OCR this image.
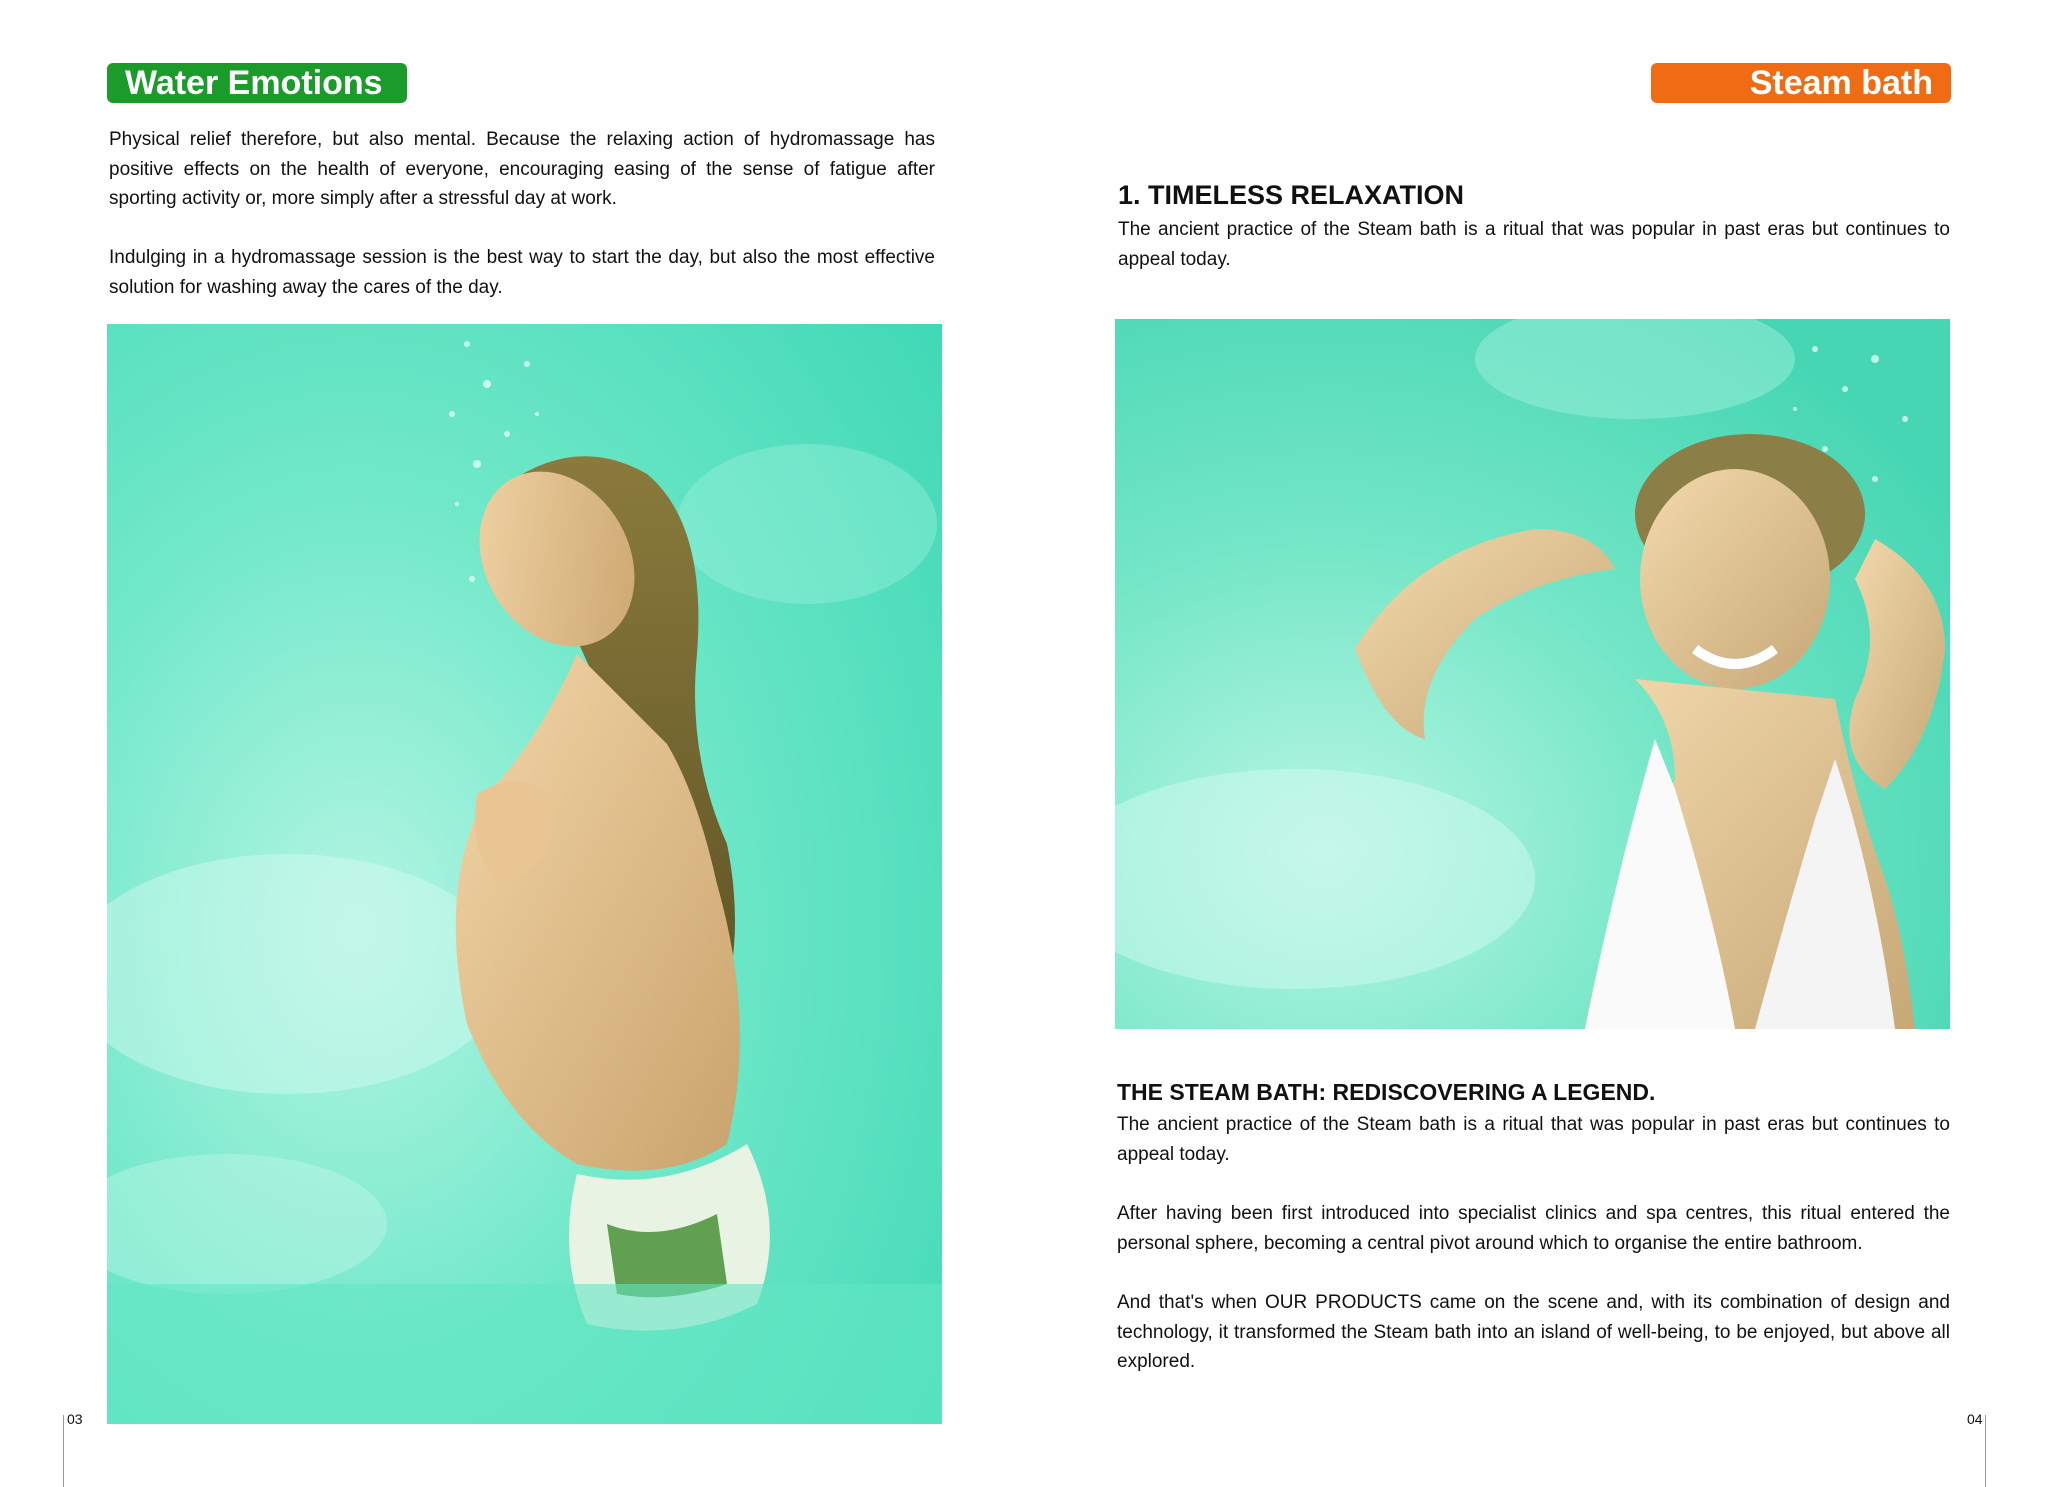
Water Emotions

Physical relief therefore, but also mental. Because the relaxing action of hydromassage has positive effects on the health of everyone, encouraging easing of the sense of fatigue after sporting activity or, more simply after a stressful day at work.

Indulging in a hydromassage session is the best way to start the day, but also the most effective solution for washing away the cares of the day.

03
Steam bath
1. TIMELESS RELAXATION

The ancient practice of the Steam bath is a ritual that was popular in past eras but continues to appeal today.

THE STEAM BATH: REDISCOVERING A LEGEND.

The ancient practice of the Steam bath is a ritual that was popular in past eras but continues to appeal today.

After having been first introduced into specialist clinics and spa centres, this ritual entered the personal sphere, becoming a central pivot around which to organise the entire bathroom.

And that's when OUR PRODUCTS came on the scene and, with its combination of design and technology, it transformed the Steam bath into an island of well-being, to be enjoyed, but above all explored.

04
